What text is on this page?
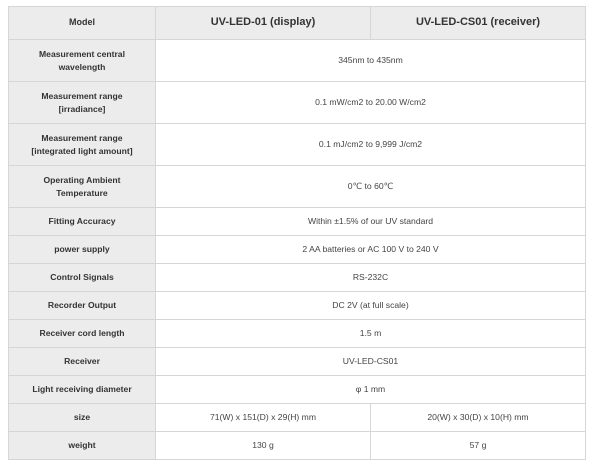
Model	UV-LED-01 (display)	UV-LED-CS01 (receiver)
Measurement central
wavelength	345nm to 435nm	
Measurement range
[irradiance]	0.1 mW/cm2 to 20.00 W/cm2	
Measurement range
[integrated light amount]	0.1 mJ/cm2 to 9,999 J/cm2	
Operating Ambient
Temperature	0℃ to 60℃	
Fitting Accuracy	Within ±1.5% of our UV standard	
power supply	2 AA batteries or AC 100 V to 240 V	
Control Signals	RS-232C	
Recorder Output	DC 2V (at full scale)	
Receiver cord length	1.5 m	
Receiver	UV-LED-CS01	
Light receiving diameter	φ 1 mm	
size	71(W) x 151(D) x 29(H) mm	20(W) x 30(D) x 10(H) mm
weight	130 g	57 g
